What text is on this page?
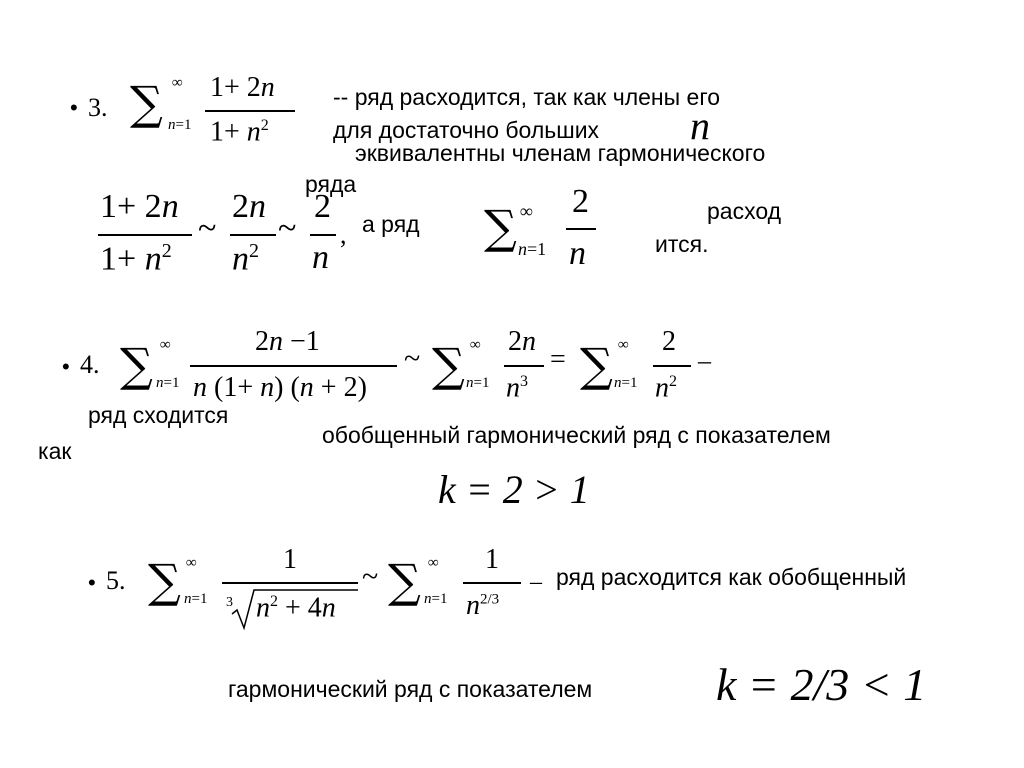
• 3. ∑ ∞
n=1
1+ 2n
$1+ n^2$
-- ряд расходится, так как члены его
для достаточно больших n
эквивалентны членам гармонического
ряда
1+ 2n
$1+ n^2$
~
2n
$n^2$
~
2
n
, а ряд ∑ ∞
n=1
2
n
расход
ится.
• 4. ∑ ∞
n=1
2n −1
n (1+ n) (n + 2)
~ ∑ ∞
n=1
2n
$n^3$
= ∑ ∞
n=1
2
$n^2$
–
ряд сходится
как
обобщенный гармонический ряд с показателем
k = 2 > 1
• 5. ∑ ∞
n=1
1
3 $n^2 + 4n$
~ ∑ ∞
n=1
1
$n^{2/3}$
– ряд расходится как обобщенный
гармонический ряд с показателем	k = 2/3 < 1
